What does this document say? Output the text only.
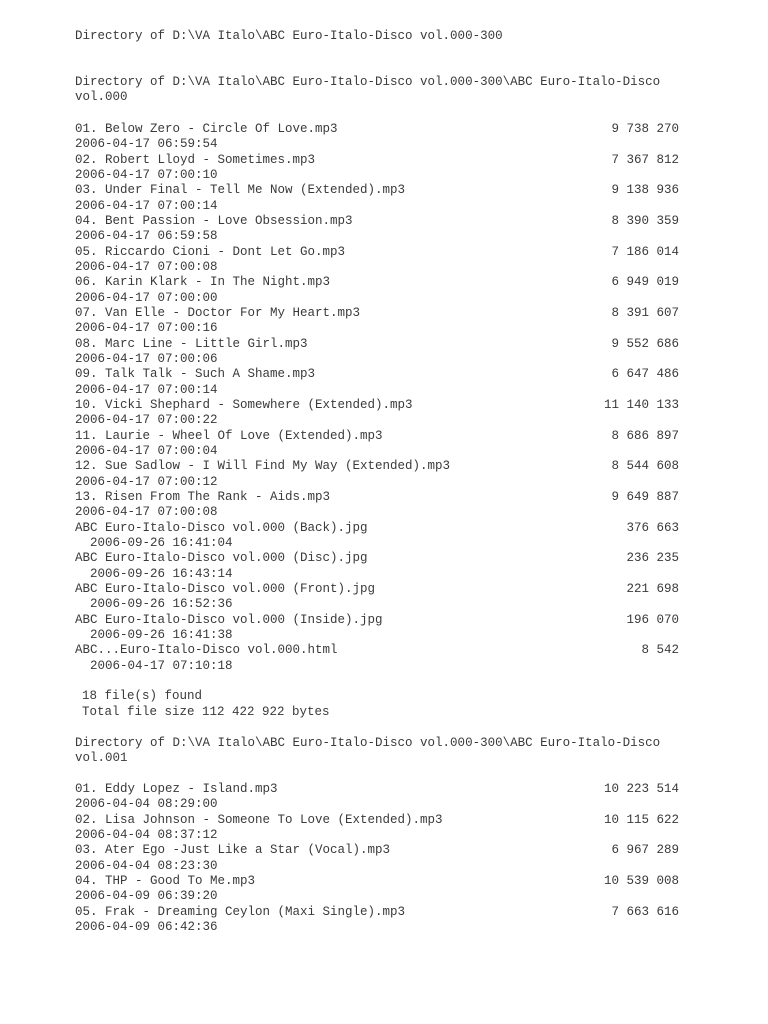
Directory of D:\VA Italo\ABC Euro-Italo-Disco vol.000-300
Directory of D:\VA Italo\ABC Euro-Italo-Disco vol.000-300\ABC Euro-Italo-Disco vol.000
01. Below Zero - Circle Of Love.mp3	9 738 270
2006-04-17 06:59:54
02. Robert Lloyd - Sometimes.mp3	7 367 812
2006-04-17 07:00:10
03. Under Final - Tell Me Now (Extended).mp3	9 138 936
2006-04-17 07:00:14
04. Bent Passion - Love Obsession.mp3	8 390 359
2006-04-17 06:59:58
05. Riccardo Cioni - Dont Let Go.mp3	7 186 014
2006-04-17 07:00:08
06. Karin Klark - In The Night.mp3	6 949 019
2006-04-17 07:00:00
07. Van Elle - Doctor For My Heart.mp3	8 391 607
2006-04-17 07:00:16
08. Marc Line - Little Girl.mp3	9 552 686
2006-04-17 07:00:06
09. Talk Talk - Such A Shame.mp3	6 647 486
2006-04-17 07:00:14
10. Vicki Shephard - Somewhere (Extended).mp3	11 140 133
2006-04-17 07:00:22
11. Laurie - Wheel Of Love (Extended).mp3	8 686 897
2006-04-17 07:00:04
12. Sue Sadlow - I Will Find My Way (Extended).mp3	8 544 608
2006-04-17 07:00:12
13. Risen From The Rank - Aids.mp3	9 649 887
2006-04-17 07:00:08
ABC Euro-Italo-Disco vol.000 (Back).jpg	376 663
2006-09-26 16:41:04
ABC Euro-Italo-Disco vol.000 (Disc).jpg	236 235
2006-09-26 16:43:14
ABC Euro-Italo-Disco vol.000 (Front).jpg	221 698
2006-09-26 16:52:36
ABC Euro-Italo-Disco vol.000 (Inside).jpg	196 070
2006-09-26 16:41:38
ABC...Euro-Italo-Disco vol.000.html	8 542
2006-04-17 07:10:18
18 file(s) found
Total file size 112 422 922 bytes
Directory of D:\VA Italo\ABC Euro-Italo-Disco vol.000-300\ABC Euro-Italo-Disco vol.001
01. Eddy Lopez - Island.mp3	10 223 514
2006-04-04 08:29:00
02. Lisa Johnson - Someone To Love (Extended).mp3	10 115 622
2006-04-04 08:37:12
03. Ater Ego -Just Like a Star (Vocal).mp3	6 967 289
2006-04-04 08:23:30
04. THP - Good To Me.mp3	10 539 008
2006-04-09 06:39:20
05. Frak - Dreaming Ceylon (Maxi Single).mp3	7 663 616
2006-04-09 06:42:36
